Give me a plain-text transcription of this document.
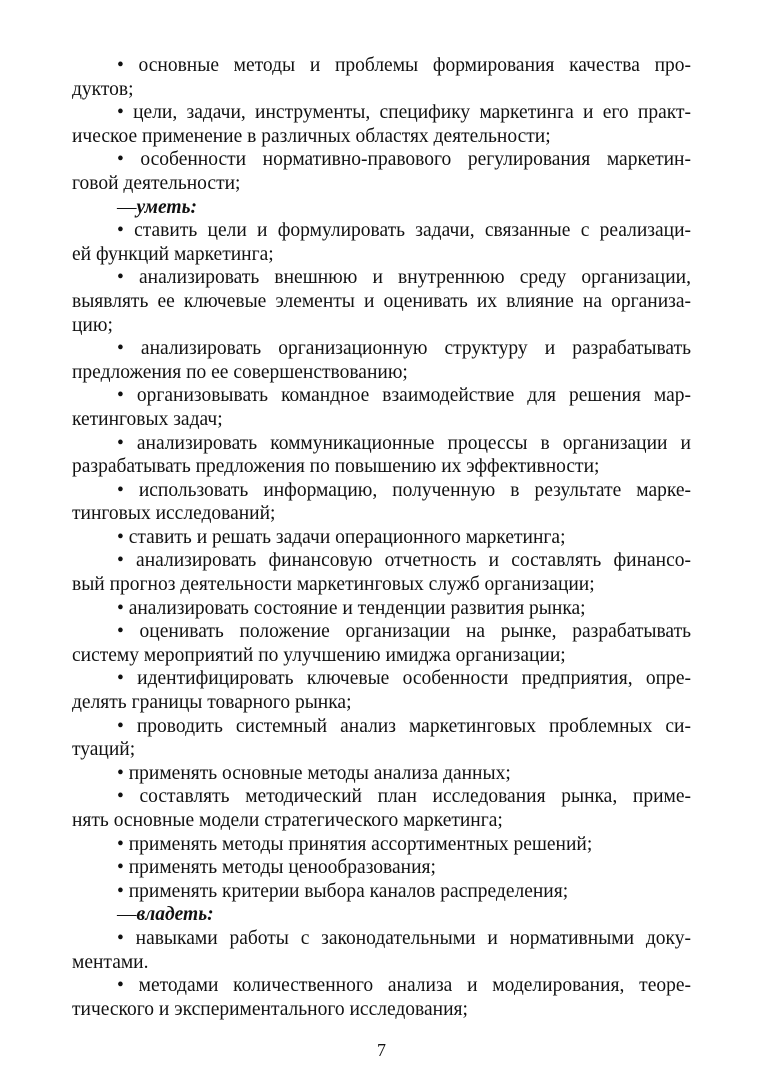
• основные методы и проблемы формирования качества про-
дуктов;
• цели, задачи, инструменты, специфику маркетинга и его практ-
ическое применение в различных областях деятельности;
• особенности нормативно-правового регулирования маркетин-
говой деятельности;
—уметь:
• ставить цели и формулировать задачи, связанные с реализаци-
ей функций маркетинга;
• анализировать внешнюю и внутреннюю среду организации,
выявлять ее ключевые элементы и оценивать их влияние на организа-
цию;
• анализировать организационную структуру и разрабатывать
предложения по ее совершенствованию;
• организовывать командное взаимодействие для решения мар-
кетинговых задач;
• анализировать коммуникационные процессы в организации и
разрабатывать предложения по повышению их эффективности;
• использовать информацию, полученную в результате марке-
тинговых исследований;
• ставить и решать задачи операционного маркетинга;
• анализировать финансовую отчетность и составлять финансо-
вый прогноз деятельности маркетинговых служб организации;
• анализировать состояние и тенденции развития рынка;
• оценивать положение организации на рынке, разрабатывать
систему мероприятий по улучшению имиджа организации;
• идентифицировать ключевые особенности предприятия, опре-
делять границы товарного рынка;
• проводить системный анализ маркетинговых проблемных си-
туаций;
• применять основные методы анализа данных;
• составлять методический план исследования рынка, приме-
нять основные модели стратегического маркетинга;
• применять методы принятия ассортиментных решений;
• применять методы ценообразования;
• применять критерии выбора каналов распределения;
—владеть:
• навыками работы с законодательными и нормативными доку-
ментами.
• методами количественного анализа и моделирования, теоре-
тического и экспериментального исследования;
7
